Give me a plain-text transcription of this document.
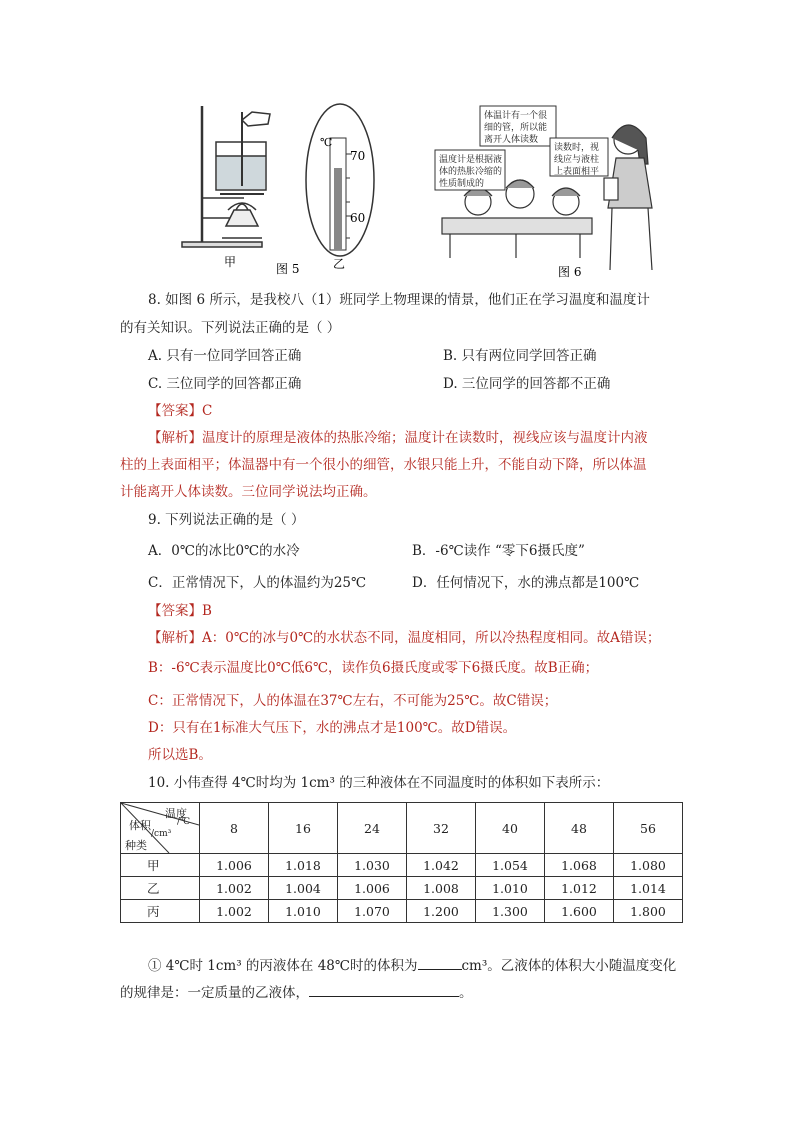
甲	图 5
℃
70
60
乙
体温计有一个很
细的管，所以能
离开人体读数
温度计是根据液
体的热胀冷缩的
性质制成的
读数时，视
线应与液柱
上表面相平
图 6
8. 如图 6 所示，是我校八（1）班同学上物理课的情景，他们正在学习温度和温度计
的有关知识。下列说法正确的是（ ）
A. 只有一位同学回答正确	B. 只有两位同学回答正确
C. 三位同学的回答都正确	D. 三位同学的回答都不正确
【答案】C
【解析】温度计的原理是液体的热胀冷缩；温度计在读数时，视线应该与温度计内液
柱的上表面相平；体温器中有一个很小的细管，水银只能上升，不能自动下降，所以体温
计能离开人体读数。三位同学说法均正确。
9. 下列说法正确的是（ ）
A．0℃的冰比0℃的水冷	B．-6℃读作 “零下6摄氏度”
C．正常情况下，人的体温约为25℃	D．任何情况下，水的沸点都是100℃
【答案】B
【解析】A：0℃的冰与0℃的水状态不同，温度相同，所以冷热程度相同。故A错误；
B：-6℃表示温度比0℃低6℃，读作负6摄氏度或零下6摄氏度。故B正确；
C：正常情况下，人的体温在37℃左右，不可能为25℃。故C错误；
D：只有在1标准大气压下，水的沸点才是100℃。故D错误。
所以选B。
10. 小伟查得 4℃时均为 1cm³ 的三种液体在不同温度时的体积如下表所示：
温度
/℃
体积
/cm³
种类	8	16	24	32	40	48	56
甲	1.006	1.018	1.030	1.042	1.054	1.068	1.080
乙	1.002	1.004	1.006	1.008	1.010	1.012	1.014
丙	1.002	1.010	1.070	1.200	1.300	1.600	1.800
① 4℃时 1cm³ 的丙液体在 48℃时的体积为	cm³。乙液体的体积大小随温度变化
的规律是：一定质量的乙液体，	。
